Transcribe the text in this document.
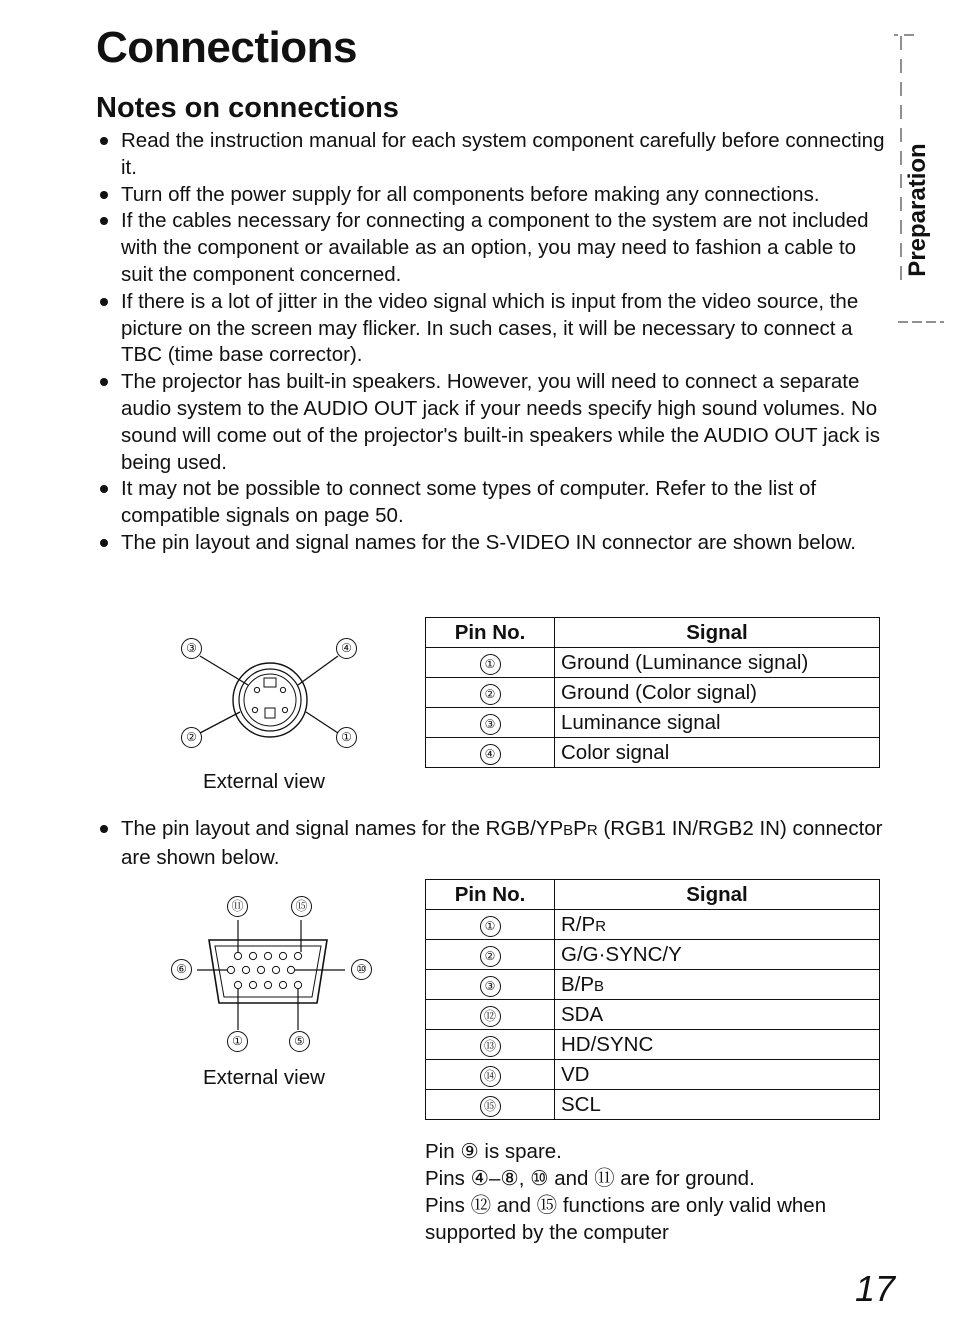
Connections
Notes on connections
Preparation
Read the instruction manual for each system component carefully before connecting it.
Turn off the power supply for all components before making any connections.
If the cables necessary for connecting a component to the system are not included with the component or available as an option, you may need to fashion a cable to suit the component concerned.
If there is a lot of jitter in the video signal which is input from the video source, the picture on the screen may flicker. In such cases, it will be necessary to connect a TBC (time base corrector).
The projector has built-in speakers. However, you will need to connect a separate audio system to the AUDIO OUT jack if your needs specify high sound volumes. No sound will come out of the projector's built-in speakers while the AUDIO OUT jack is being used.
It may not be possible to connect some types of computer. Refer to the list of compatible signals on page 50.
The pin layout and signal names for the S-VIDEO IN connector are shown below.
③	④
②	①
External view
Pin No.	Signal
①	Ground (Luminance signal)
②	Ground (Color signal)
③	Luminance signal
④	Color signal
The pin layout and signal names for the RGB/YPBPR (RGB1 IN/RGB2 IN) connector are shown below.
⑪	⑮
⑥	⑩
①	⑤
External view
Pin No.	Signal
①	R/PR
②	G/G·SYNC/Y
③	B/PB
⑫	SDA
⑬	HD/SYNC
⑭	VD
⑮	SCL
Pin ⑨ is spare.
Pins ④–⑧, ⑩ and ⑪ are for ground.
Pins ⑫ and ⑮ functions are only valid when supported by the computer
17
